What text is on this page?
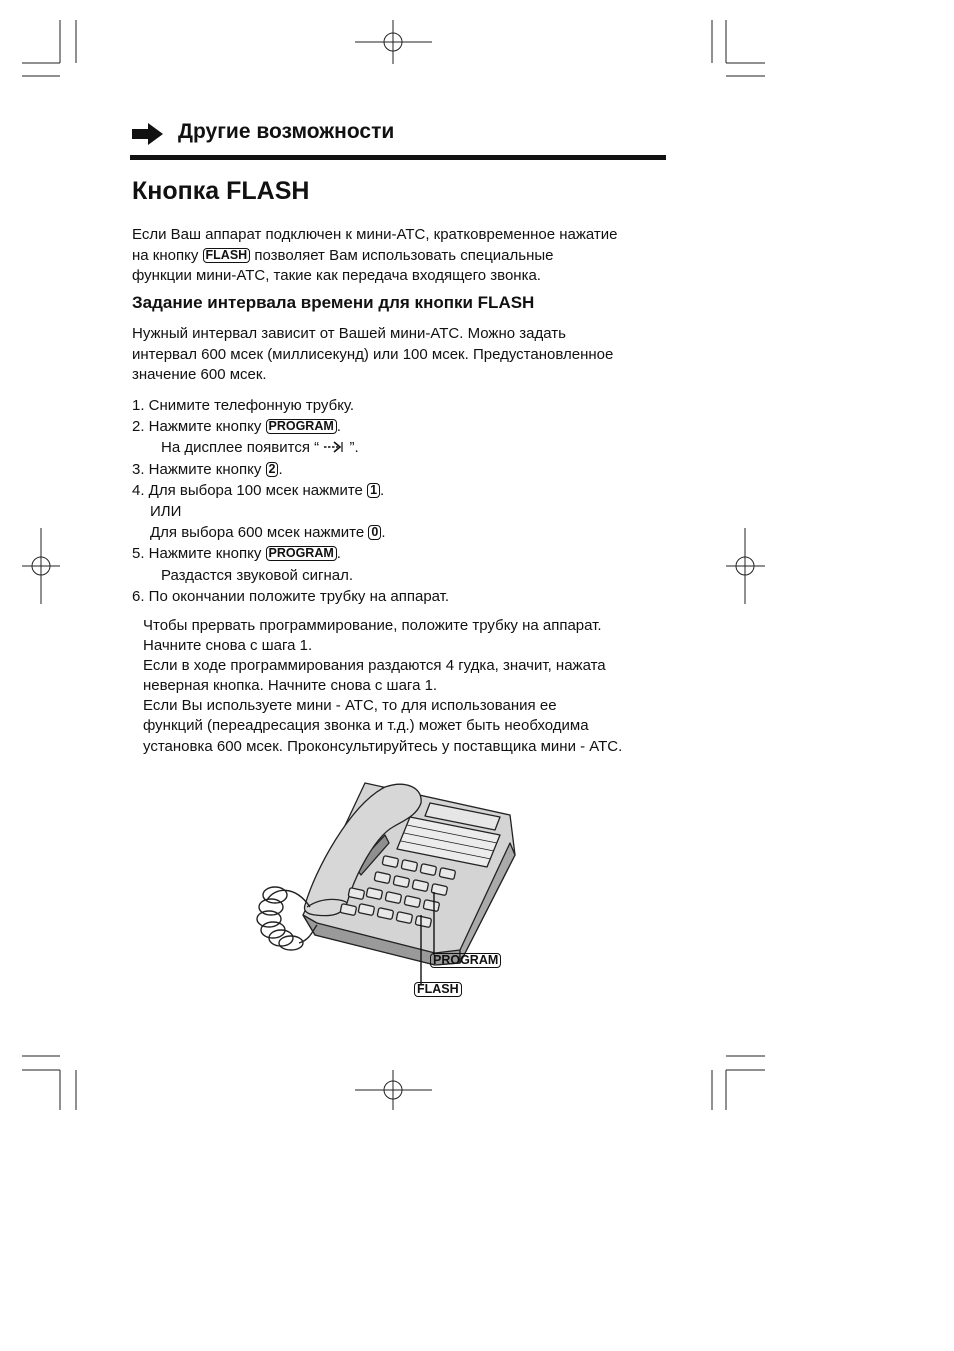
Другие возможности
Кнопка FLASH
Если Ваш аппарат подключен к мини-АТС, кратковременное нажатие
на кнопку FLASH позволяет Вам использовать специальные
функции мини-АТС, такие как передача входящего звонка.
Задание интервала времени для кнопки FLASH
Нужный интервал зависит от Вашей мини-АТС. Можно задать
интервал 600 мсек (миллисекунд) или 100 мсек. Предустановленное
значение 600 мсек.
1. Снимите телефонную трубку.
2. Нажмите кнопку PROGRAM .
На дисплее появится “  ”.
3. Нажмите кнопку 2 .
4. Для выбора 100 мсек нажмите 1 .
ИЛИ
Для выбора 600 мсек нажмите 0 .
5. Нажмите кнопку PROGRAM .
Раздастся звуковой сигнал.
6. По окончании положите трубку на аппарат.
Чтобы прервать программирование, положите трубку на аппарат.
Начните снова с шага 1.
Если в ходе программирования раздаются 4 гудка, значит, нажата
неверная кнопка. Начните снова с шага 1.
Если Вы используете мини - АТС, то для использования ее
функций (переадресация звонка и т.д.) может быть необходима
установка 600 мсек. Проконсультируйтесь у поставщика мини - АТС.
PROGRAM
FLASH
